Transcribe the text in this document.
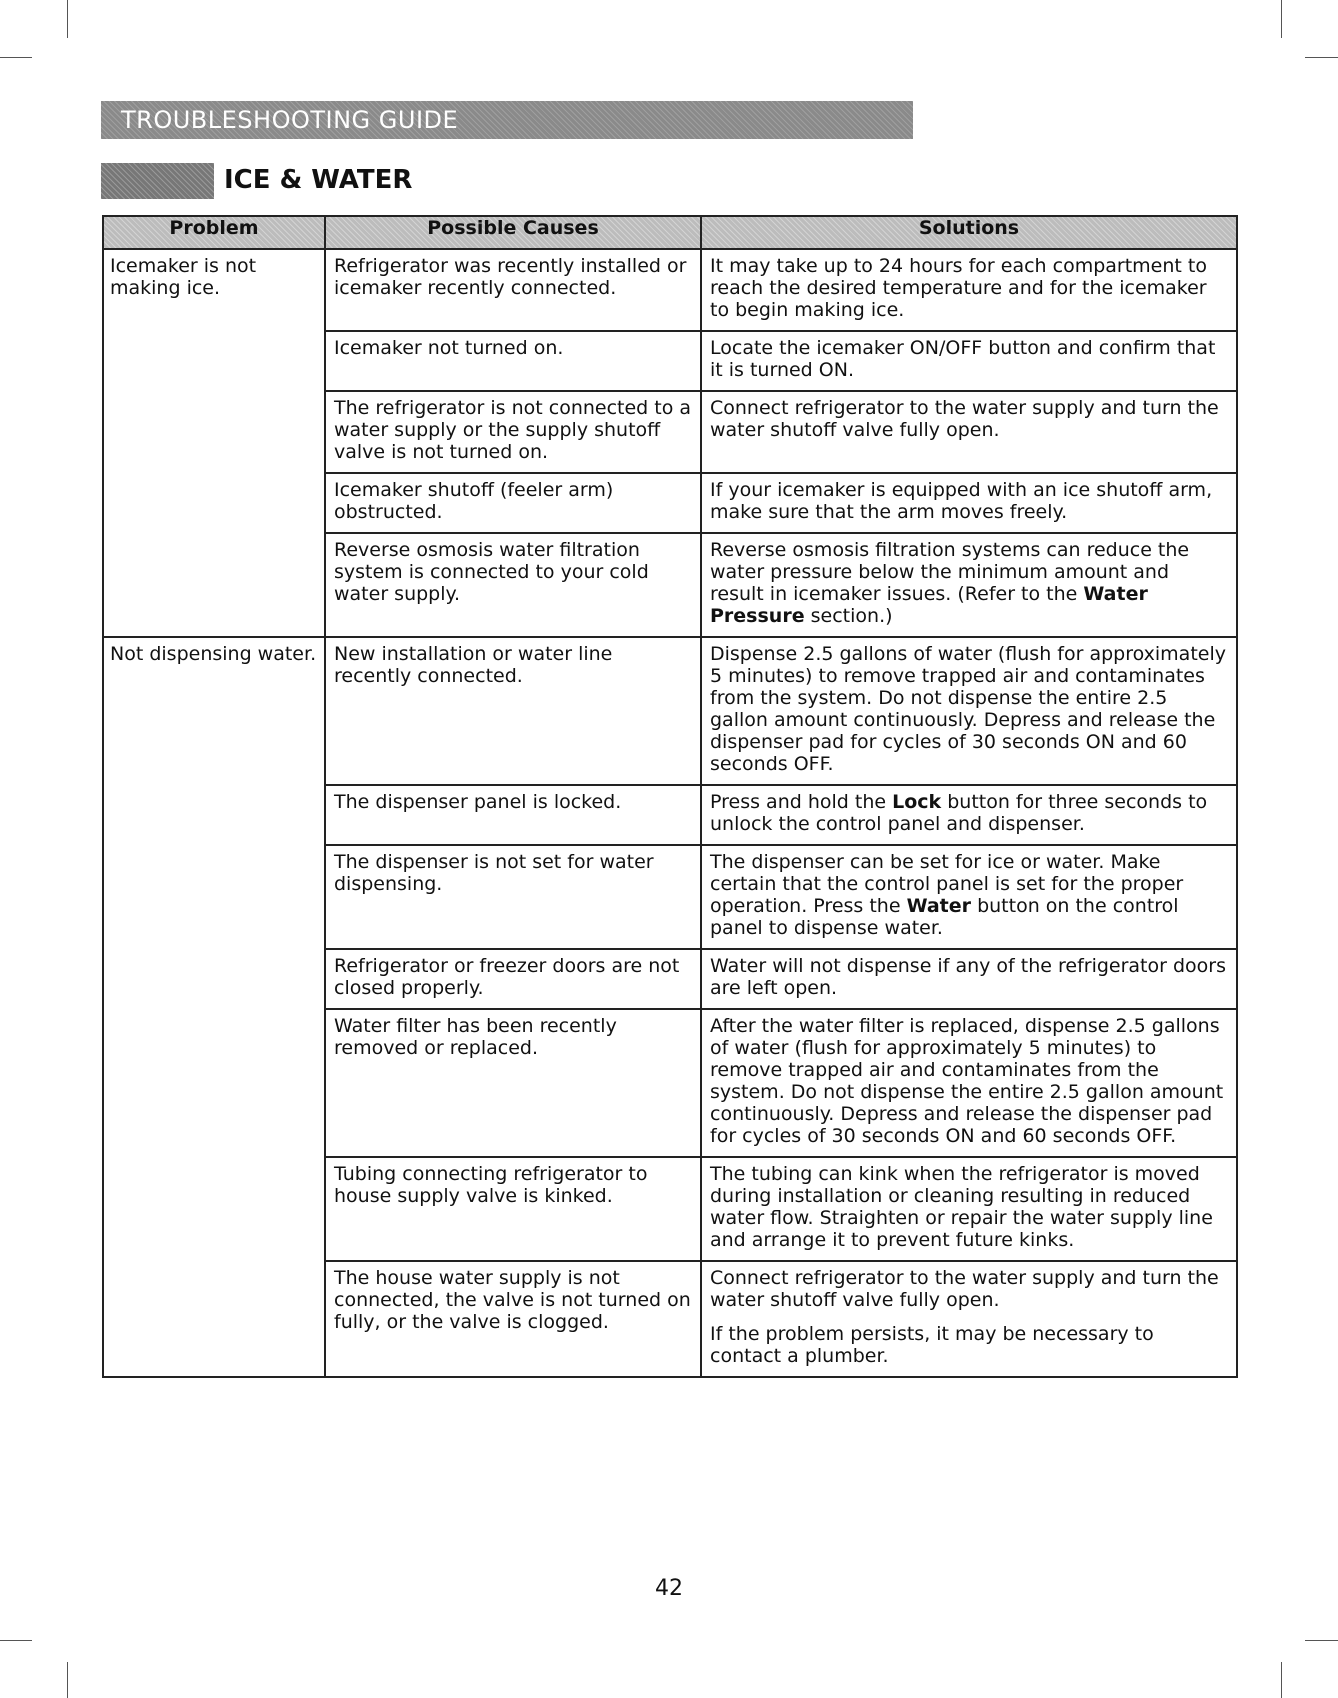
TROUBLESHOOTING GUIDE
ICE & WATER
Problem	Possible Causes	Solutions
Icemaker is not making ice.	Refrigerator was recently installed or icemaker recently connected.	It may take up to 24 hours for each compartment to reach the desired temperature and for the icemaker to begin making ice.
	Icemaker not turned on.	Locate the icemaker ON/OFF button and confirm that it is turned ON.
	The refrigerator is not connected to a water supply or the supply shutoff valve is not turned on.	Connect refrigerator to the water supply and turn the water shutoff valve fully open.
	Icemaker shutoff (feeler arm) obstructed.	If your icemaker is equipped with an ice shutoff arm, make sure that the arm moves freely.
	Reverse osmosis water filtration system is connected to your cold water supply.	Reverse osmosis filtration systems can reduce the water pressure below the minimum amount and result in icemaker issues. (Refer to the Water Pressure section.)
Not dispensing water.	New installation or water line recently connected.	Dispense 2.5 gallons of water (flush for approximately 5 minutes) to remove trapped air and contaminates from the system. Do not dispense the entire 2.5 gallon amount continuously. Depress and release the dispenser pad for cycles of 30 seconds ON and 60 seconds OFF.
	The dispenser panel is locked.	Press and hold the Lock button for three seconds to unlock the control panel and dispenser.
	The dispenser is not set for water dispensing.	The dispenser can be set for ice or water. Make certain that the control panel is set for the proper operation. Press the Water button on the control panel to dispense water.
	Refrigerator or freezer doors are not closed properly.	Water will not dispense if any of the refrigerator doors are left open.
	Water filter has been recently removed or replaced.	After the water filter is replaced, dispense 2.5 gallons of water (flush for approximately 5 minutes) to remove trapped air and contaminates from the system. Do not dispense the entire 2.5 gallon amount continuously. Depress and release the dispenser pad for cycles of 30 seconds ON and 60 seconds OFF.
	Tubing connecting refrigerator to house supply valve is kinked.	The tubing can kink when the refrigerator is moved during installation or cleaning resulting in reduced water flow. Straighten or repair the water supply line and arrange it to prevent future kinks.
	The house water supply is not connected, the valve is not turned on fully, or the valve is clogged.	Connect refrigerator to the water supply and turn the water shutoff valve fully open.
If the problem persists, it may be necessary to contact a plumber.
42
